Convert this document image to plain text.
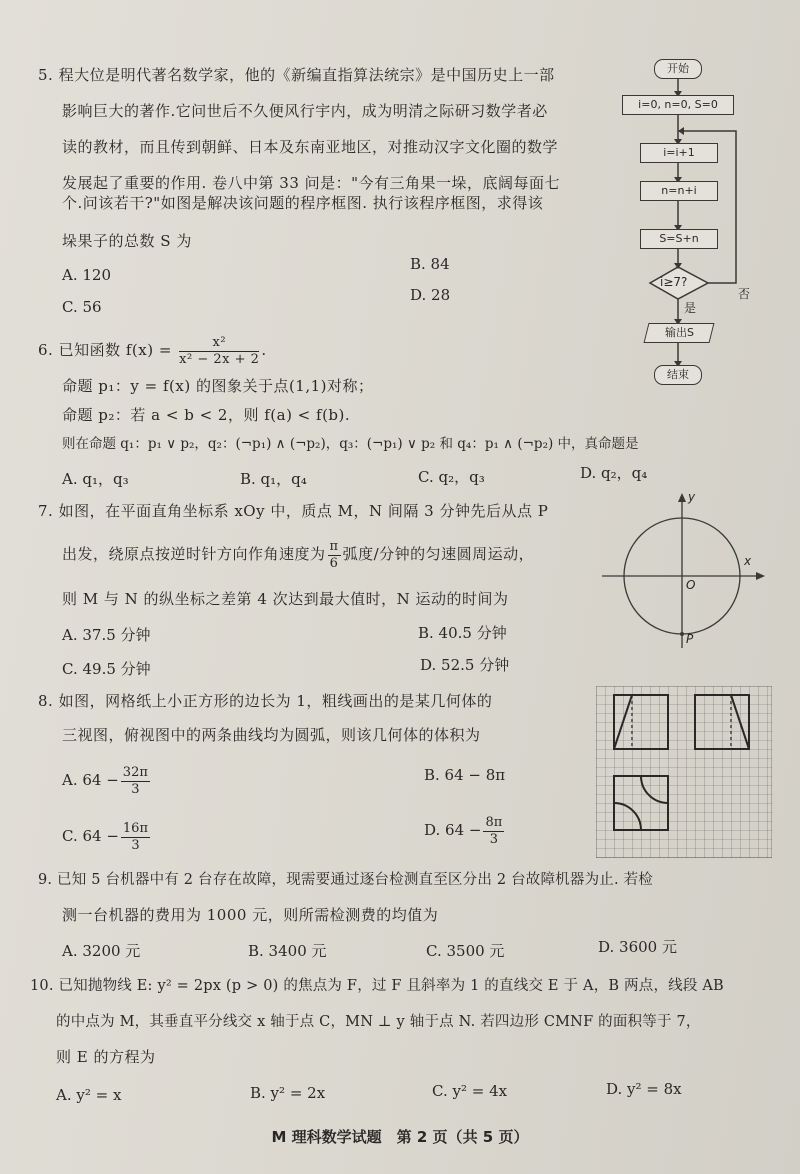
5. 程大位是明代著名数学家，他的《新编直指算法统宗》是中国历史上一部
影响巨大的著作.它问世后不久便风行宇内，成为明清之际研习数学者必
读的教材，而且传到朝鲜、日本及东南亚地区，对推动汉字文化圈的数学
发展起了重要的作用. 卷八中第 33 问是："今有三角果一垛，底阔每面七
个.问该若干?"如图是解决该问题的程序框图. 执行该程序框图，求得该
垛果子的总数 S 为
A. 120
B. 84
C. 56
D. 28
开始
i=0, n=0, S=0
i=i+1
n=n+i
S=S+n
i≥7?
是
否
输出S
结束
6. 已知函数 $f(x) = \frac{\text{x²}}{\text{x² − 2x + 2}}$ .
命题 p₁：y = f(x) 的图象关于点(1,1)对称；
命题 p₂：若 a < b < 2，则 f(a) < f(b).
则在命题 q₁：p₁ ∨ p₂，q₂：(¬p₁) ∧ (¬p₂)，q₃：(¬p₁) ∨ p₂ 和 q₄：p₁ ∧ (¬p₂) 中，真命题是
A. q₁，q₃	B. q₁，q₄	C. q₂，q₃	D. q₂，q₄
7. 如图，在平面直角坐标系 xOy 中，质点 M，N 间隔 3 分钟先后从点 P
出发，绕原点按逆时针方向作角速度为 $\frac{\pi}{6}$ 弧度/分钟的匀速圆周运动，
则 M 与 N 的纵坐标之差第 4 次达到最大值时，N 运动的时间为
A. 37.5 分钟	B. 40.5 分钟
C. 49.5 分钟	D. 52.5 分钟
y
x
O
P
8. 如图，网格纸上小正方形的边长为 1，粗线画出的是某几何体的
三视图，俯视图中的两条曲线均为圆弧，则该几何体的体积为
A. $64 - \frac{32\pi}{3}$	B. 64 − 8π
C. $64 - \frac{16\pi}{3}$	D. $64 - \frac{8\pi}{3}$
9. 已知 5 台机器中有 2 台存在故障，现需要通过逐台检测直至区分出 2 台故障机器为止. 若检
测一台机器的费用为 1000 元，则所需检测费的均值为
A. 3200 元	B. 3400 元	C. 3500 元	D. 3600 元
10. 已知抛物线 E: y² = 2px (p > 0) 的焦点为 F，过 F 且斜率为 1 的直线交 E 于 A，B 两点，线段 AB
的中点为 M，其垂直平分线交 x 轴于点 C，MN ⊥ y 轴于点 N. 若四边形 CMNF 的面积等于 7，
则 E 的方程为
A. y² = x	B. y² = 2x	C. y² = 4x	D. y² = 8x
M 理科数学试题　第 2 页（共 5 页）
